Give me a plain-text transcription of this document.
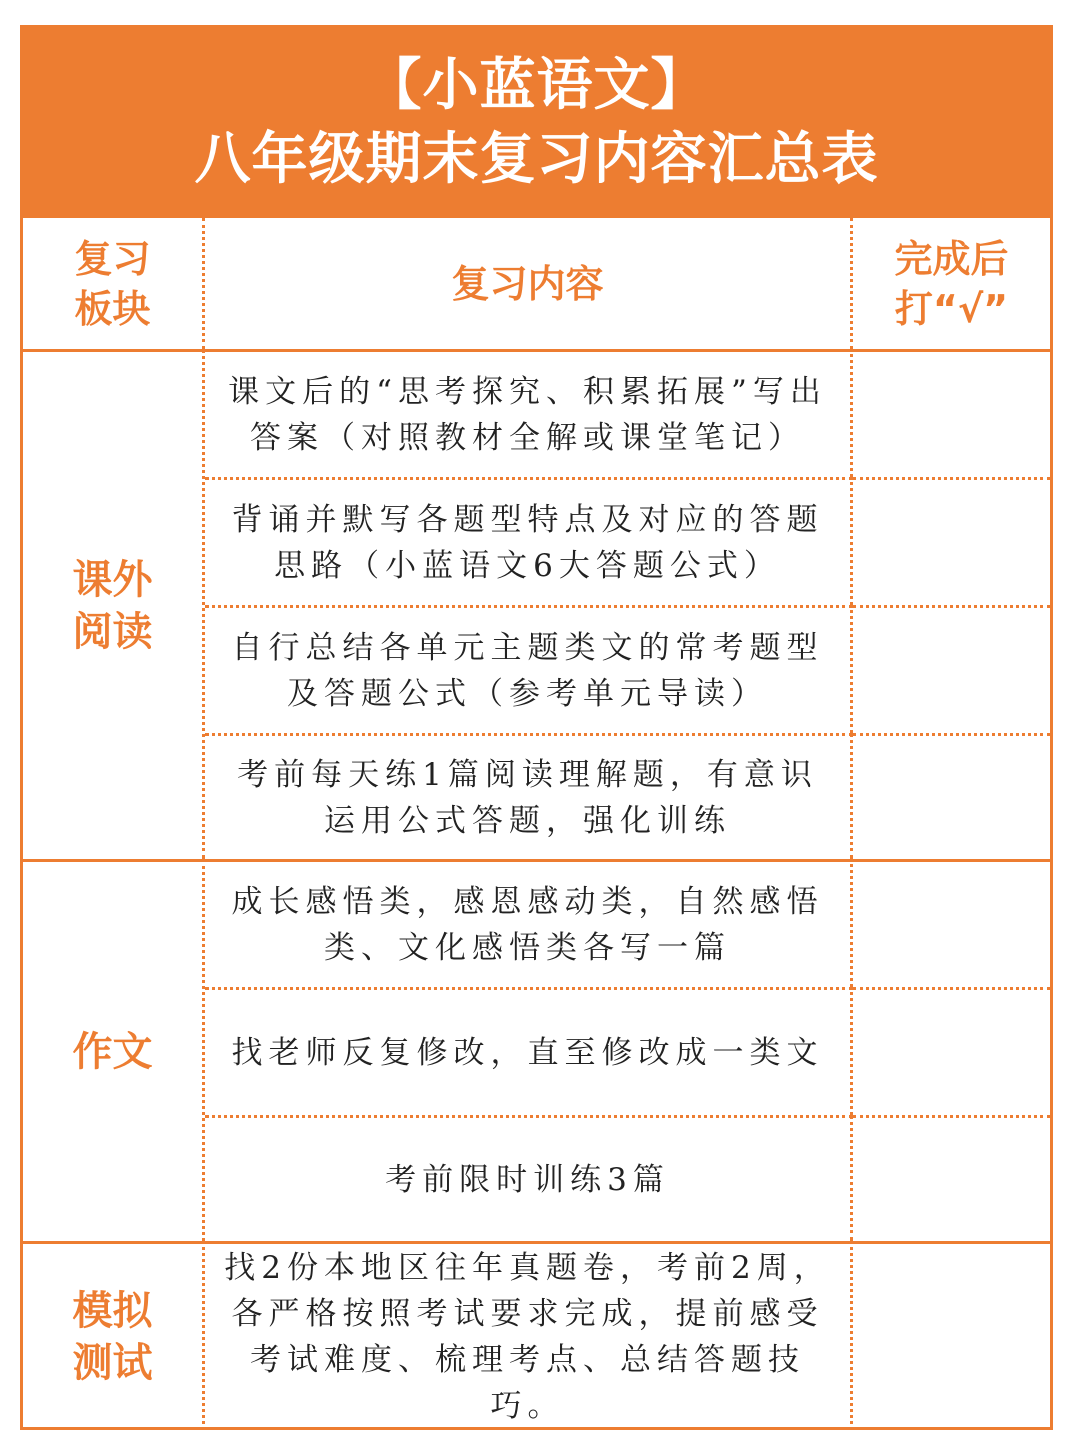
【小蓝语文】
八年级期末复习内容汇总表
复习
板块
复习内容
完成后
打“√”
课外
阅读
课文后的“思考探究、积累拓展”写出答案（对照教材全解或课堂笔记）
背诵并默写各题型特点及对应的答题思路（小蓝语文6大答题公式）
自行总结各单元主题类文的常考题型及答题公式（参考单元导读）
考前每天练1篇阅读理解题，有意识运用公式答题，强化训练
作文
成长感悟类，感恩感动类，自然感悟类、文化感悟类各写一篇
找老师反复修改，直至修改成一类文
考前限时训练3篇
模拟
测试
找2份本地区往年真题卷，考前2周，各严格按照考试要求完成，提前感受考试难度、梳理考点、总结答题技巧。
